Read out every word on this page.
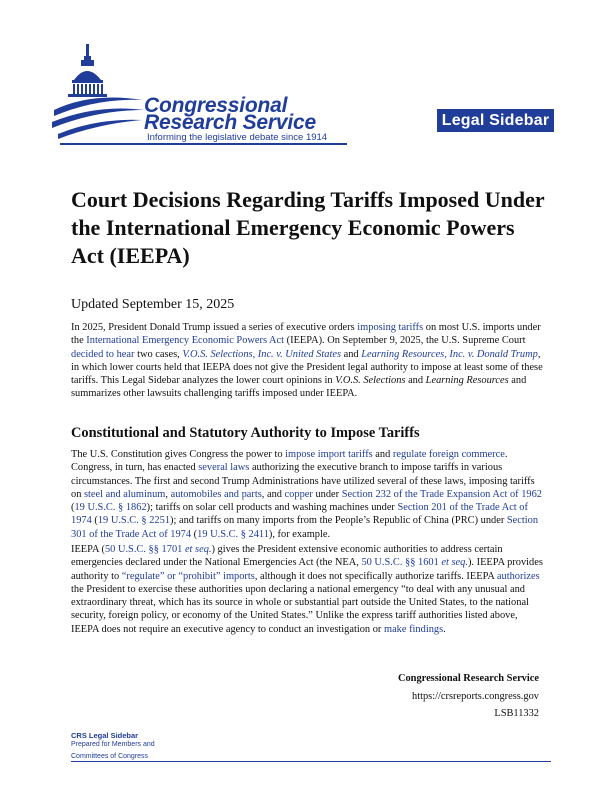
Congressional
Research Service
Informing the legislative debate since 1914
Legal Sidebar
Court Decisions Regarding Tariffs Imposed Under the International Emergency Economic Powers Act (IEEPA)
Updated September 15, 2025
In 2025, President Donald Trump issued a series of executive orders imposing tariffs on most U.S. imports under the International Emergency Economic Powers Act (IEEPA). On September 9, 2025, the U.S. Supreme Court decided to hear two cases, V.O.S. Selections, Inc. v. United States and Learning Resources, Inc. v. Donald Trump, in which lower courts held that IEEPA does not give the President legal authority to impose at least some of these tariffs. This Legal Sidebar analyzes the lower court opinions in V.O.S. Selections and Learning Resources and summarizes other lawsuits challenging tariffs imposed under IEEPA.
Constitutional and Statutory Authority to Impose Tariffs
The U.S. Constitution gives Congress the power to impose import tariffs and regulate foreign commerce. Congress, in turn, has enacted several laws authorizing the executive branch to impose tariffs in various circumstances. The first and second Trump Administrations have utilized several of these laws, imposing tariffs on steel and aluminum, automobiles and parts, and copper under Section 232 of the Trade Expansion Act of 1962 (19 U.S.C. § 1862); tariffs on solar cell products and washing machines under Section 201 of the Trade Act of 1974 (19 U.S.C. § 2251); and tariffs on many imports from the People’s Republic of China (PRC) under Section 301 of the Trade Act of 1974 (19 U.S.C. § 2411), for example.
IEEPA (50 U.S.C. §§ 1701 et seq.) gives the President extensive economic authorities to address certain emergencies declared under the National Emergencies Act (the NEA, 50 U.S.C. §§ 1601 et seq.). IEEPA provides authority to “regulate” or “prohibit” imports, although it does not specifically authorize tariffs. IEEPA authorizes the President to exercise these authorities upon declaring a national emergency “to deal with any unusual and extraordinary threat, which has its source in whole or substantial part outside the United States, to the national security, foreign policy, or economy of the United States.” Unlike the express tariff authorities listed above, IEEPA does not require an executive agency to conduct an investigation or make findings.
Congressional Research Service
https://crsreports.congress.gov
LSB11332
CRS Legal Sidebar
Prepared for Members and
Committees of Congress
